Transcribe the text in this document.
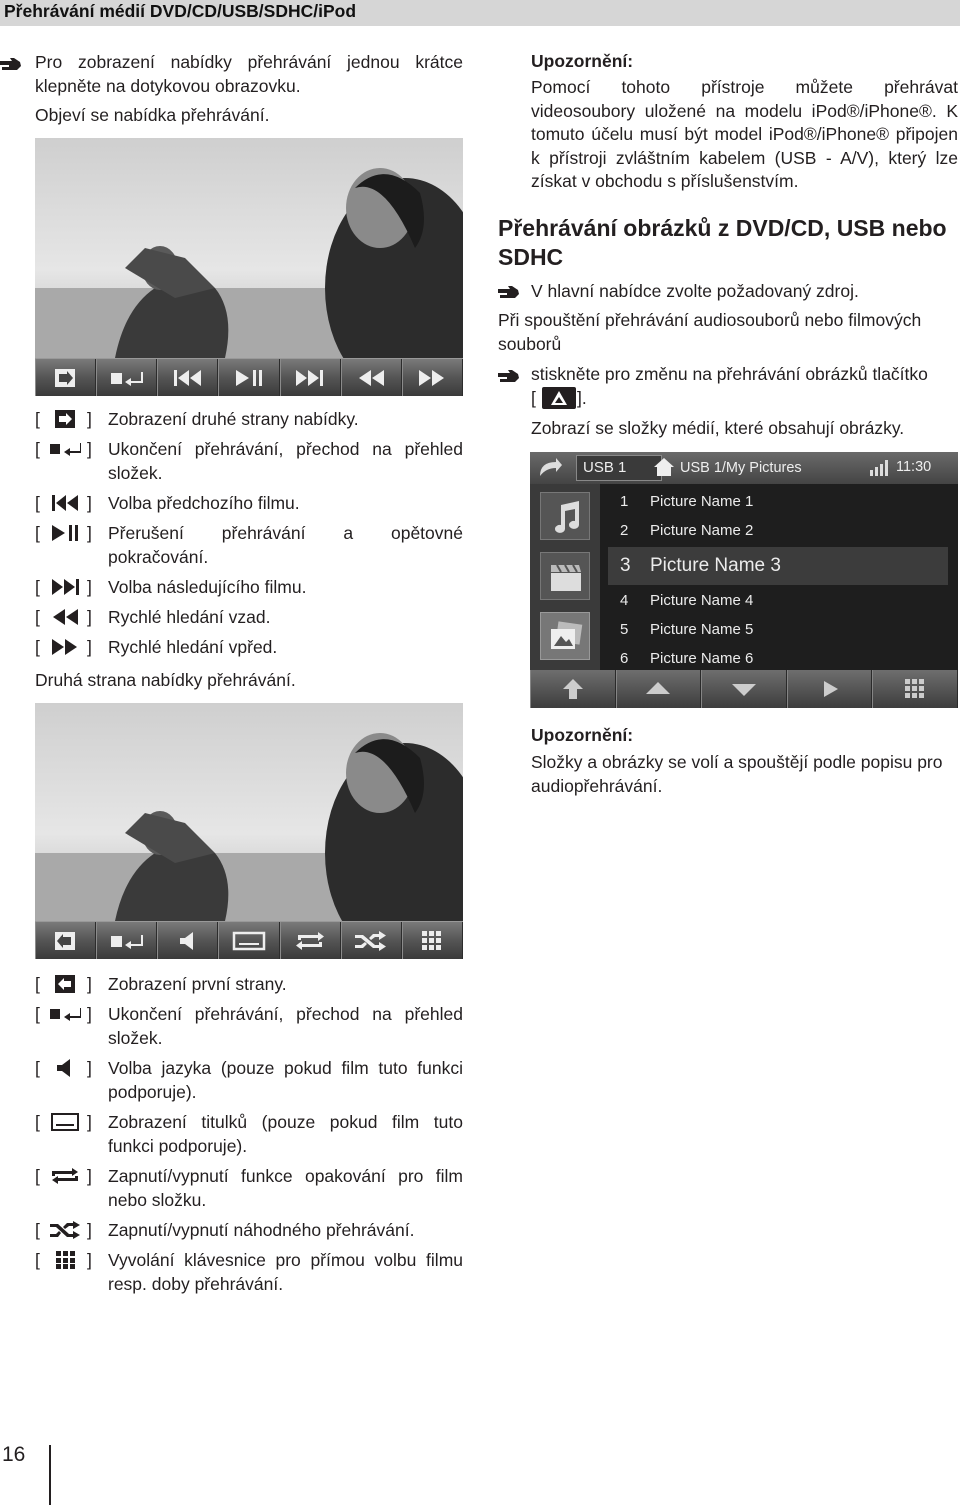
Přehrávání médií DVD/CD/USB/SDHC/iPod
Pro zobrazení nabídky přehrávání jednou krátce klepněte na dotykovou obrazovku.
Objeví se nabídka přehrávání.
[	] Zobrazení druhé strany nabídky.
[	] Ukončení přehrávání, přechod na přehled složek.
[	] Volba předchozího filmu.
[	] Přerušení přehrávání a opětovné pokračování.
[	] Volba následujícího filmu.
[	] Rychlé hledání vzad.
[	] Rychlé hledání vpřed.
Druhá strana nabídky přehrávání.
[	] Zobrazení první strany.
[	] Ukončení přehrávání, přechod na přehled složek.
[	] Volba jazyka (pouze pokud film tuto funkci podporuje).
[	] Zobrazení titulků (pouze pokud film tuto funkci podporuje).
[	] Zapnutí/vypnutí funkce opakování pro film nebo složku.
[	] Zapnutí/vypnutí náhodného přehrávání.
[	] Vyvolání klávesnice pro přímou volbu filmu resp. doby přehrávání.
Upozornění:
Pomocí tohoto přístroje můžete přehrávat videosoubory uložené na modelu iPod®/iPhone®. K tomuto účelu musí být model iPod®/iPhone® připojen k přístroji zvláštním kabelem (USB - A/V), který lze získat v obchodu s příslušenstvím.
Přehrávání obrázků z DVD/CD, USB nebo SDHC
V hlavní nabídce zvolte požadovaný zdroj.
Při spouštění přehrávání audiosouborů nebo filmových souborů
stiskněte pro změnu na přehrávání obrázků tlačítko
[ ].
Zobrazí se složky médií, které obsahují obrázky.
USB 1	USB 1/My Pictures	11:30
1 Picture Name 1
2 Picture Name 2
3 Picture Name 3
4 Picture Name 4
5 Picture Name 5
6 Picture Name 6
Upozornění:
Složky a obrázky se volí a spouštějí podle popisu pro audiopřehrávání.
16
